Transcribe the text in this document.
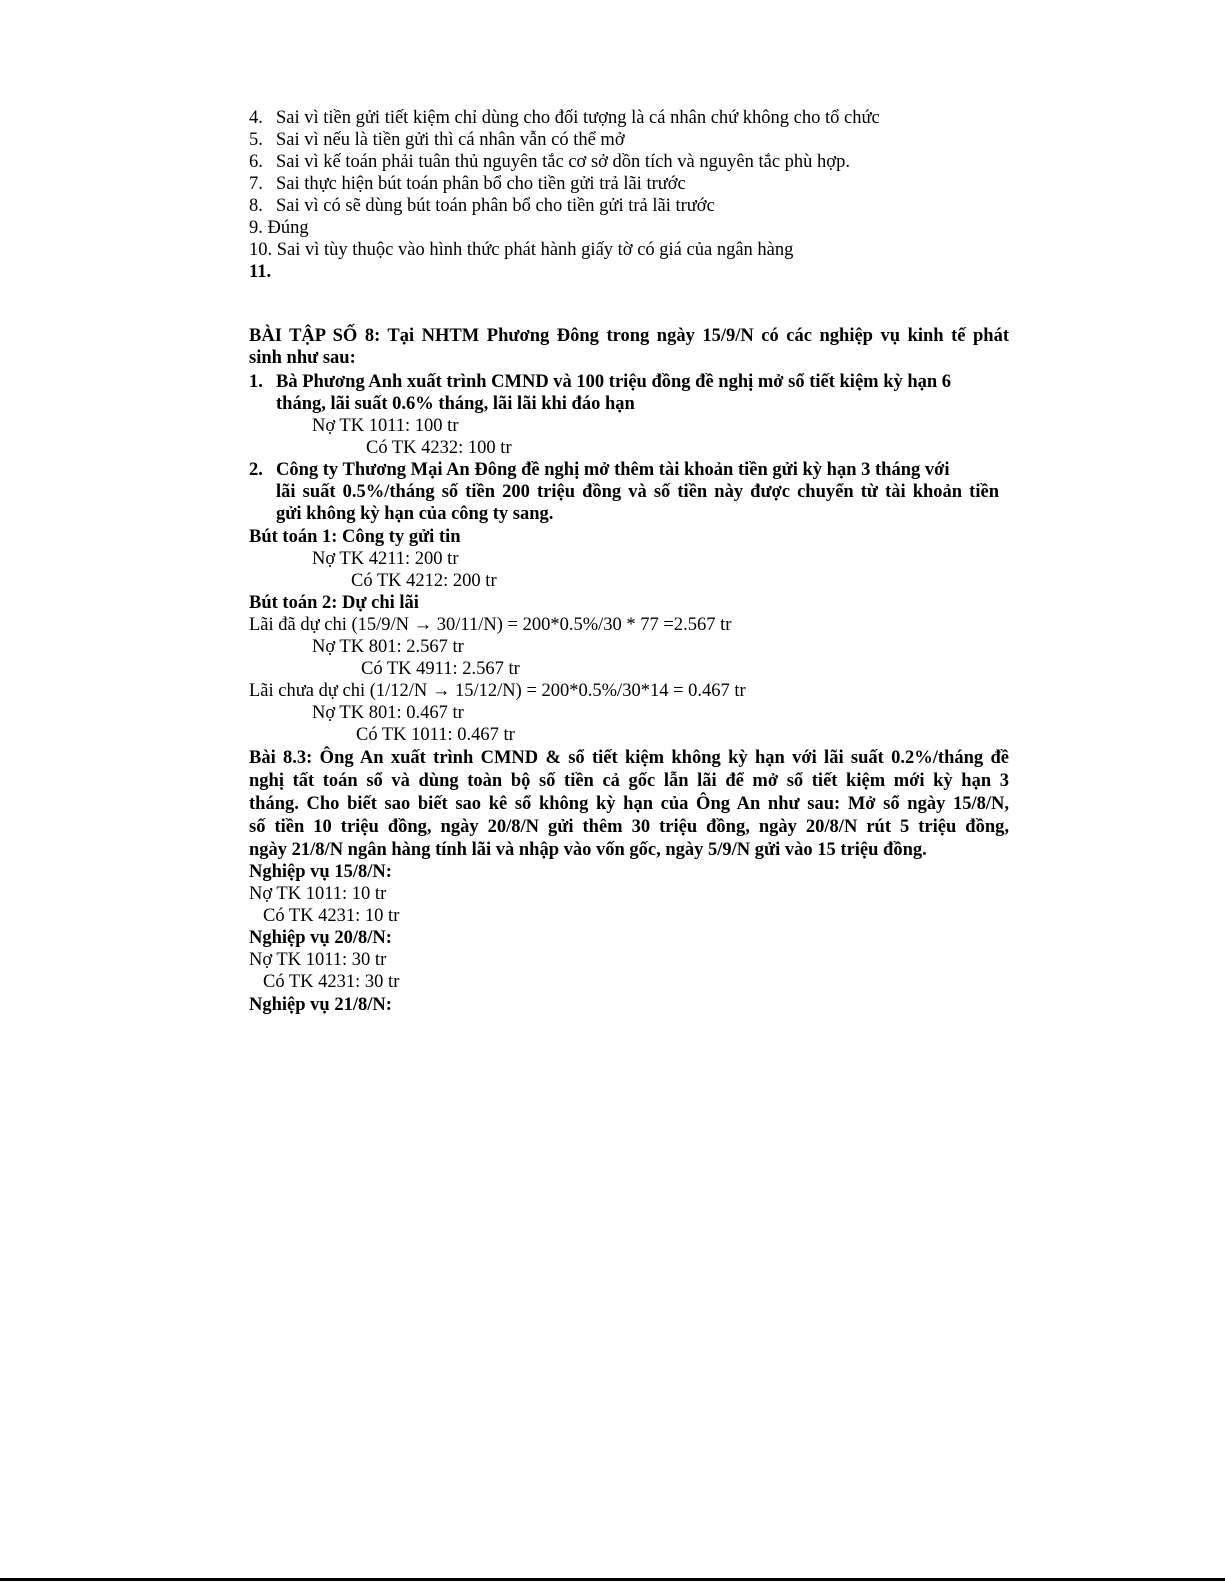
4. Sai vì tiền gửi tiết kiệm chỉ dùng cho đối tượng là cá nhân chứ không cho tổ chức
5. Sai vì nếu là tiền gửi thì cá nhân vẫn có thể mở
6. Sai vì kế toán phải tuân thủ nguyên tắc cơ sở dồn tích và nguyên tắc phù hợp.
7. Sai thực hiện bút toán phân bổ cho tiền gửi trả lãi trước
8. Sai vì có sẽ dùng bút toán phân bổ cho tiền gửi trả lãi trước
9. Đúng
10. Sai vì tùy thuộc vào hình thức phát hành giấy tờ có giá của ngân hàng
11.
BÀI TẬP SỐ 8: Tại NHTM Phương Đông trong ngày 15/9/N có các nghiệp vụ kinh tế phát
sinh như sau:
1. Bà Phương Anh xuất trình CMND và 100 triệu đồng đề nghị mở sổ tiết kiệm kỳ hạn 6
tháng, lãi suất 0.6% tháng, lãi lãi khi đáo hạn
Nợ TK 1011: 100 tr
Có TK 4232: 100 tr
2. Công ty Thương Mại An Đông đề nghị mở thêm tài khoản tiền gửi kỳ hạn 3 tháng với
lãi suất 0.5%/tháng số tiền 200 triệu đồng và số tiền này được chuyển từ tài khoản tiền
gửi không kỳ hạn của công ty sang.
Bút toán 1: Công ty gửi tin
Nợ TK 4211: 200 tr
Có TK 4212: 200 tr
Bút toán 2: Dự chi lãi
Lãi đã dự chi (15/9/N → 30/11/N) = 200*0.5%/30 * 77 =2.567 tr
Nợ TK 801: 2.567 tr
Có TK 4911: 2.567 tr
Lãi chưa dự chi (1/12/N → 15/12/N) = 200*0.5%/30*14 = 0.467 tr
Nợ TK 801: 0.467 tr
Có TK 1011: 0.467 tr
Bài 8.3: Ông An xuất trình CMND & sổ tiết kiệm không kỳ hạn với lãi suất 0.2%/tháng đề
nghị tất toán sổ và dùng toàn bộ số tiền cả gốc lẫn lãi để mở sổ tiết kiệm mới kỳ hạn 3
tháng. Cho biết sao biết sao kê sổ không kỳ hạn của Ông An như sau: Mở sổ ngày 15/8/N,
số tiền 10 triệu đồng, ngày 20/8/N gửi thêm 30 triệu đồng, ngày 20/8/N rút 5 triệu đồng,
ngày 21/8/N ngân hàng tính lãi và nhập vào vốn gốc, ngày 5/9/N gửi vào 15 triệu đồng.
Nghiệp vụ 15/8/N:
Nợ TK 1011: 10 tr
Có TK 4231: 10 tr
Nghiệp vụ 20/8/N:
Nợ TK 1011: 30 tr
Có TK 4231: 30 tr
Nghiệp vụ 21/8/N:
